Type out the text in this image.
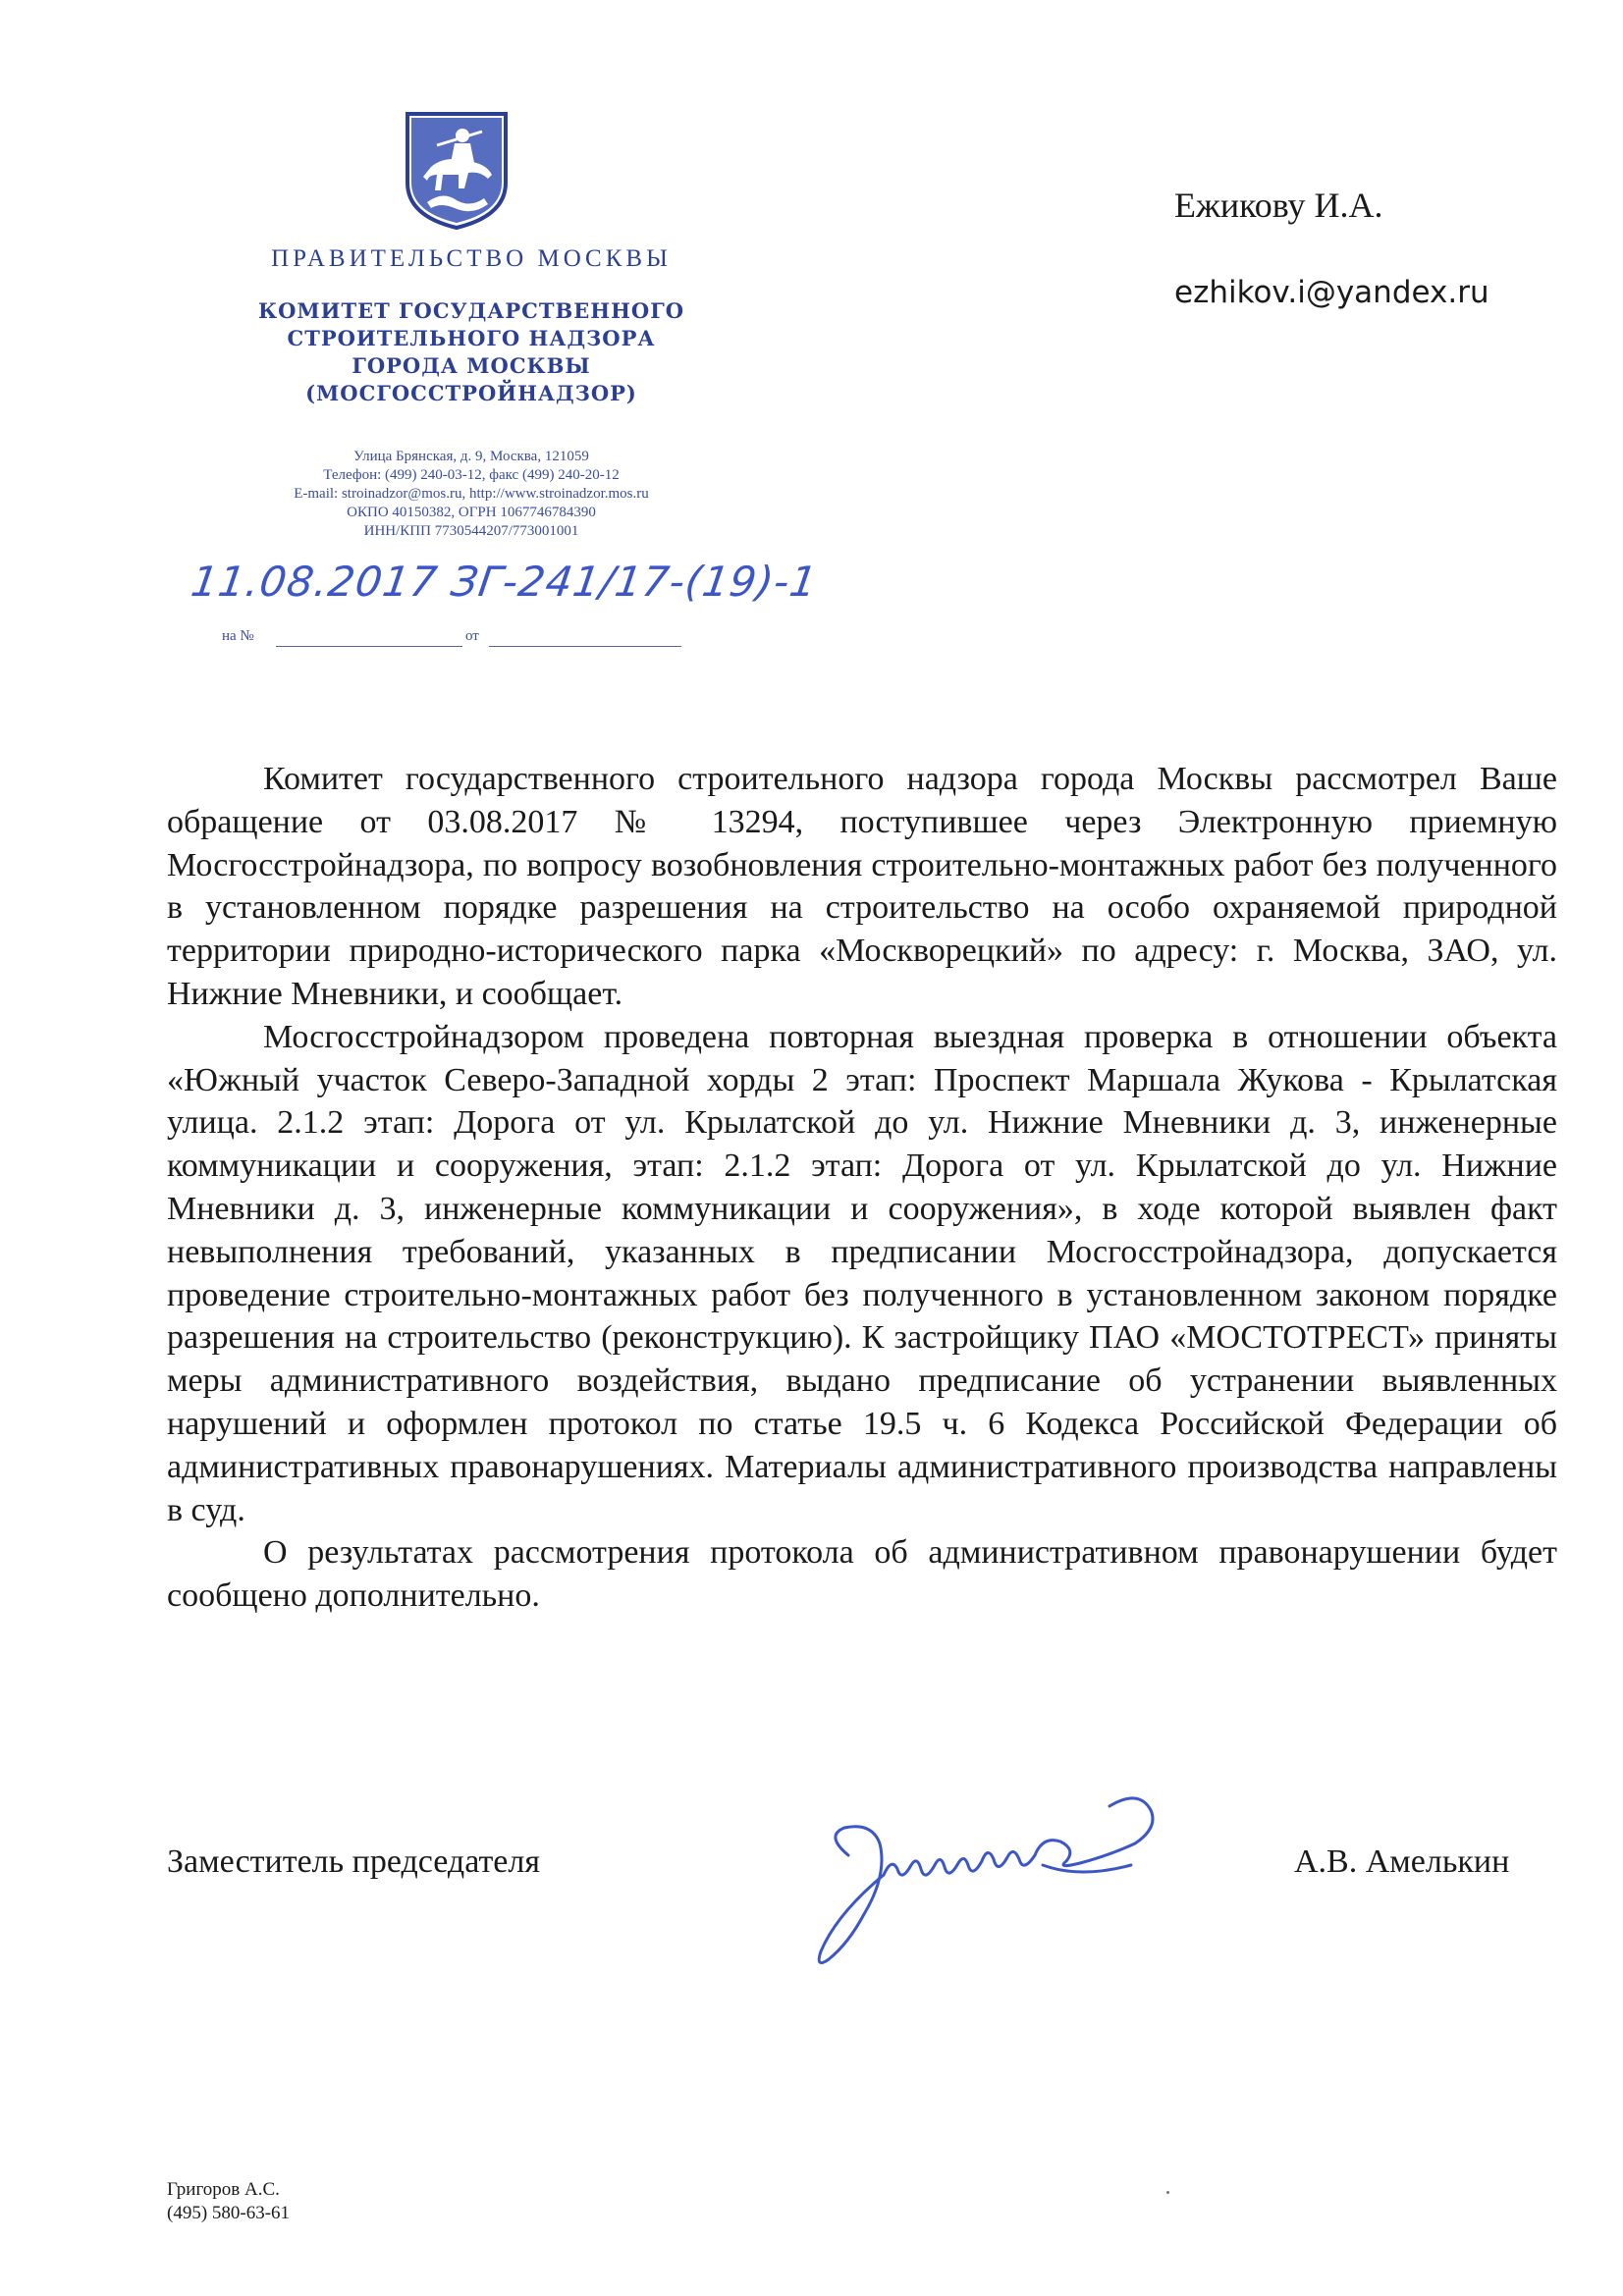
ПРАВИТЕЛЬСТВО МОСКВЫ
КОМИТЕТ ГОСУДАРСТВЕННОГО
СТРОИТЕЛЬНОГО НАДЗОРА
ГОРОДА МОСКВЫ
(МОСГОССТРОЙНАДЗОР)
Улица Брянская, д. 9, Москва, 121059
Телефон: (499) 240-03-12, факс (499) 240-20-12
E-mail: stroinadzor@mos.ru, http://www.stroinadzor.mos.ru
ОКПО 40150382, ОГРН 1067746784390
ИНН/КПП 7730544207/773001001
11.08.2017 ЗГ-241/17-(19)-1
на №	от
Ежикову И.А.
ezhikov.i@yandex.ru

Комитет государственного строительного надзора города Москвы рассмотрел Ваше обращение от 03.08.2017 № 13294, поступившее через Электронную приемную Мосгосстройнадзора, по вопросу возобновления строительно-монтажных работ без полученного в установленном порядке разрешения на строительство на особо охраняемой природной территории природно-исторического парка «Москворецкий» по адресу: г. Москва, ЗАО, ул. Нижние Мневники, и сообщает.

Мосгосстройнадзором проведена повторная выездная проверка в отношении объекта «Южный участок Северо-Западной хорды 2 этап: Проспект Маршала Жукова - Крылатская улица. 2.1.2 этап: Дорога от ул. Крылатской до ул. Нижние Мневники д. 3, инженерные коммуникации и сооружения, этап: 2.1.2 этап: Дорога от ул. Крылатской до ул. Нижние Мневники д. 3, инженерные коммуникации и сооружения», в ходе которой выявлен факт невыполнения требований, указанных в предписании Мосгосстройнадзора, допускается проведение строительно-монтажных работ без полученного в установленном законом порядке разрешения на строительство (реконструкцию). К застройщику ПАО «МОСТОТРЕСТ» приняты меры административного воздействия, выдано предписание об устранении выявленных нарушений и оформлен протокол по статье 19.5 ч. 6 Кодекса Российской Федерации об административных правонарушениях. Материалы административного производства направлены в суд.

О результатах рассмотрения протокола об административном правонарушении будет сообщено дополнительно.

Заместитель председателя	А.В. Амелькин
Григоров А.С.
(495) 580-63-61
